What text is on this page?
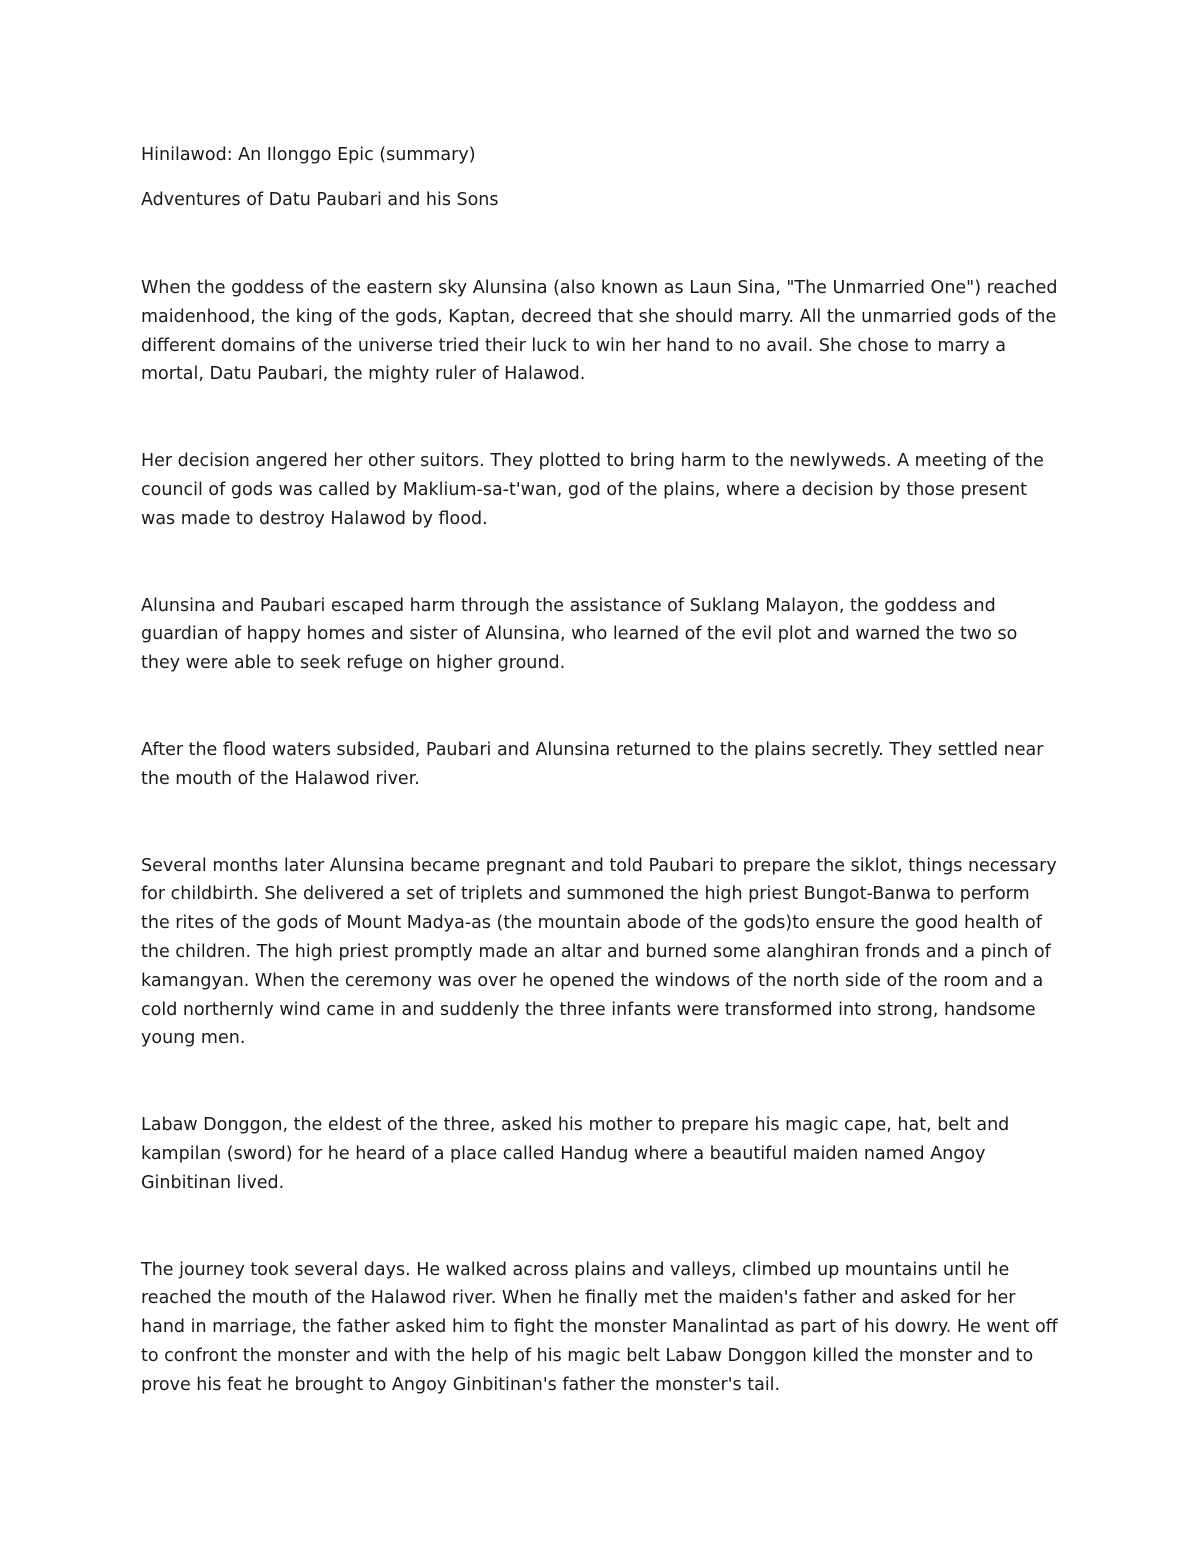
Hinilawod: An Ilonggo Epic (summary)

Adventures of Datu Paubari and his Sons

When the goddess of the eastern sky Alunsina (also known as Laun Sina, "The Unmarried One") reached maidenhood, the king of the gods, Kaptan, decreed that she should marry. All the unmarried gods of the different domains of the universe tried their luck to win her hand to no avail. She chose to marry a mortal, Datu Paubari, the mighty ruler of Halawod.

Her decision angered her other suitors. They plotted to bring harm to the newlyweds. A meeting of the council of gods was called by Maklium-sa-t'wan, god of the plains, where a decision by those present was made to destroy Halawod by flood.

Alunsina and Paubari escaped harm through the assistance of Suklang Malayon, the goddess and guardian of happy homes and sister of Alunsina, who learned of the evil plot and warned the two so they were able to seek refuge on higher ground.

After the flood waters subsided, Paubari and Alunsina returned to the plains secretly. They settled near the mouth of the Halawod river.

Several months later Alunsina became pregnant and told Paubari to prepare the siklot, things necessary for childbirth. She delivered a set of triplets and summoned the high priest Bungot-Banwa to perform the rites of the gods of Mount Madya-as (the mountain abode of the gods)to ensure the good health of the children. The high priest promptly made an altar and burned some alanghiran fronds and a pinch of kamangyan. When the ceremony was over he opened the windows of the north side of the room and a cold northernly wind came in and suddenly the three infants were transformed into strong, handsome young men.

Labaw Donggon, the eldest of the three, asked his mother to prepare his magic cape, hat, belt and kampilan (sword) for he heard of a place called Handug where a beautiful maiden named Angoy Ginbitinan lived.

The journey took several days. He walked across plains and valleys, climbed up mountains until he reached the mouth of the Halawod river. When he finally met the maiden's father and asked for her hand in marriage, the father asked him to fight the monster Manalintad as part of his dowry. He went off to confront the monster and with the help of his magic belt Labaw Donggon killed the monster and to prove his feat he brought to Angoy Ginbitinan's father the monster's tail.
